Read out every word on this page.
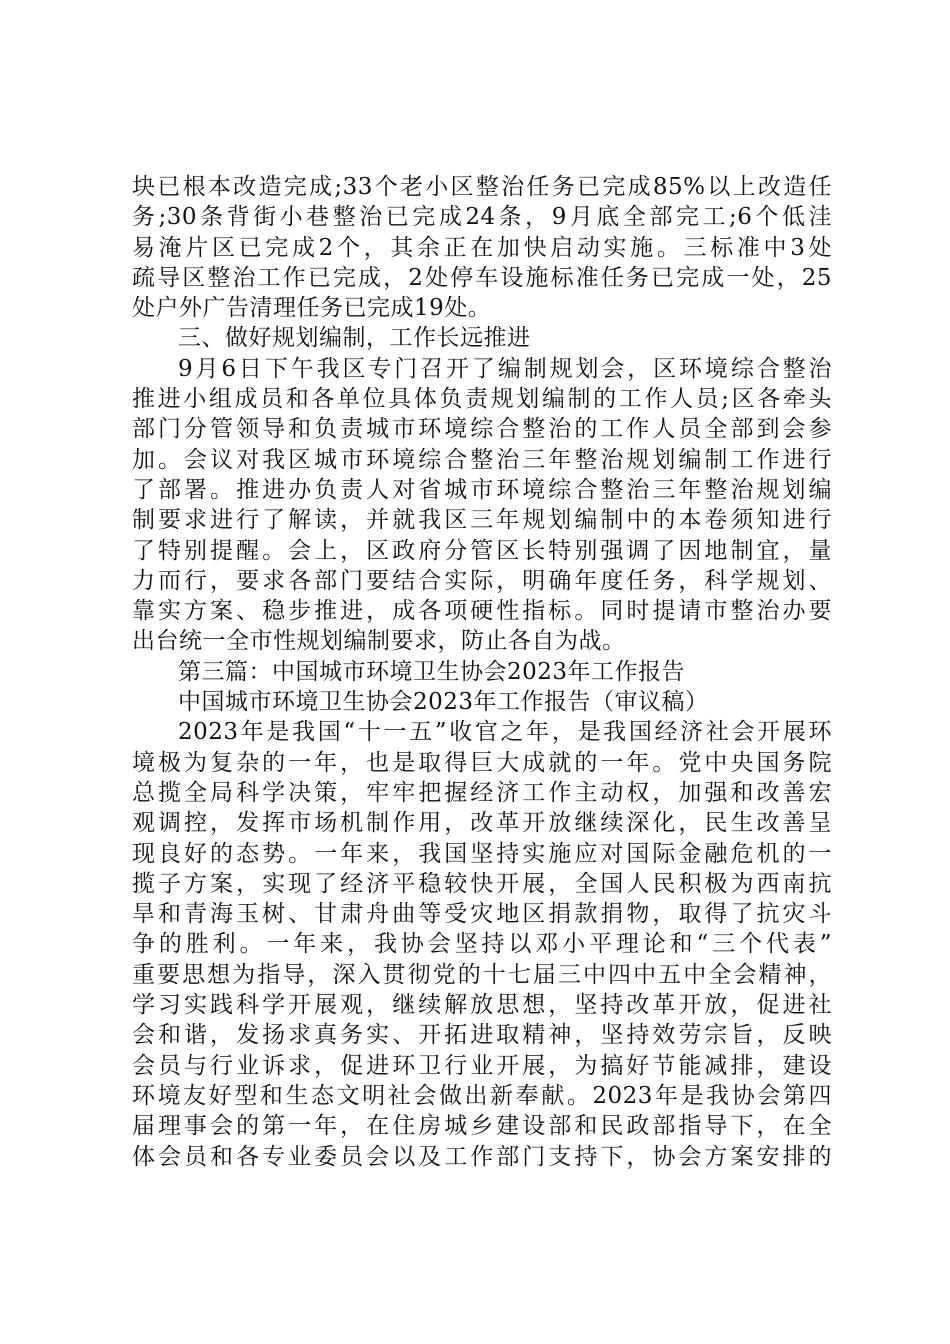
块已根本改造完成;33个老小区整治任务已完成85%以上改造任
务;30条背街小巷整治已完成24条，9月底全部完工;6个低洼
易淹片区已完成2个，其余正在加快启动实施。三标准中3处
疏导区整治工作已完成，2处停车设施标准任务已完成一处，25
处户外广告清理任务已完成19处。
三、做好规划编制，工作长远推进
9月6日下午我区专门召开了编制规划会，区环境综合整治
推进小组成员和各单位具体负责规划编制的工作人员;区各牵头
部门分管领导和负责城市环境综合整治的工作人员全部到会参
加。会议对我区城市环境综合整治三年整治规划编制工作进行
了部署。推进办负责人对省城市环境综合整治三年整治规划编
制要求进行了解读，并就我区三年规划编制中的本卷须知进行
了特别提醒。会上，区政府分管区长特别强调了因地制宜，量
力而行，要求各部门要结合实际，明确年度任务，科学规划、
靠实方案、稳步推进，成各项硬性指标。同时提请市整治办要
出台统一全市性规划编制要求，防止各自为战。
第三篇：中国城市环境卫生协会2023年工作报告
中国城市环境卫生协会2023年工作报告（审议稿）
2023年是我国“十一五”收官之年，是我国经济社会开展环
境极为复杂的一年，也是取得巨大成就的一年。党中央国务院
总揽全局科学决策，牢牢把握经济工作主动权，加强和改善宏
观调控，发挥市场机制作用，改革开放继续深化，民生改善呈
现良好的态势。一年来，我国坚持实施应对国际金融危机的一
揽子方案，实现了经济平稳较快开展，全国人民积极为西南抗
旱和青海玉树、甘肃舟曲等受灾地区捐款捐物，取得了抗灾斗
争的胜利。一年来，我协会坚持以邓小平理论和“三个代表”
重要思想为指导，深入贯彻党的十七届三中四中五中全会精神，
学习实践科学开展观，继续解放思想，坚持改革开放，促进社
会和谐，发扬求真务实、开拓进取精神，坚持效劳宗旨，反映
会员与行业诉求，促进环卫行业开展，为搞好节能减排，建设
环境友好型和生态文明社会做出新奉献。2023年是我协会第四
届理事会的第一年，在住房城乡建设部和民政部指导下，在全
体会员和各专业委员会以及工作部门支持下，协会方案安排的
